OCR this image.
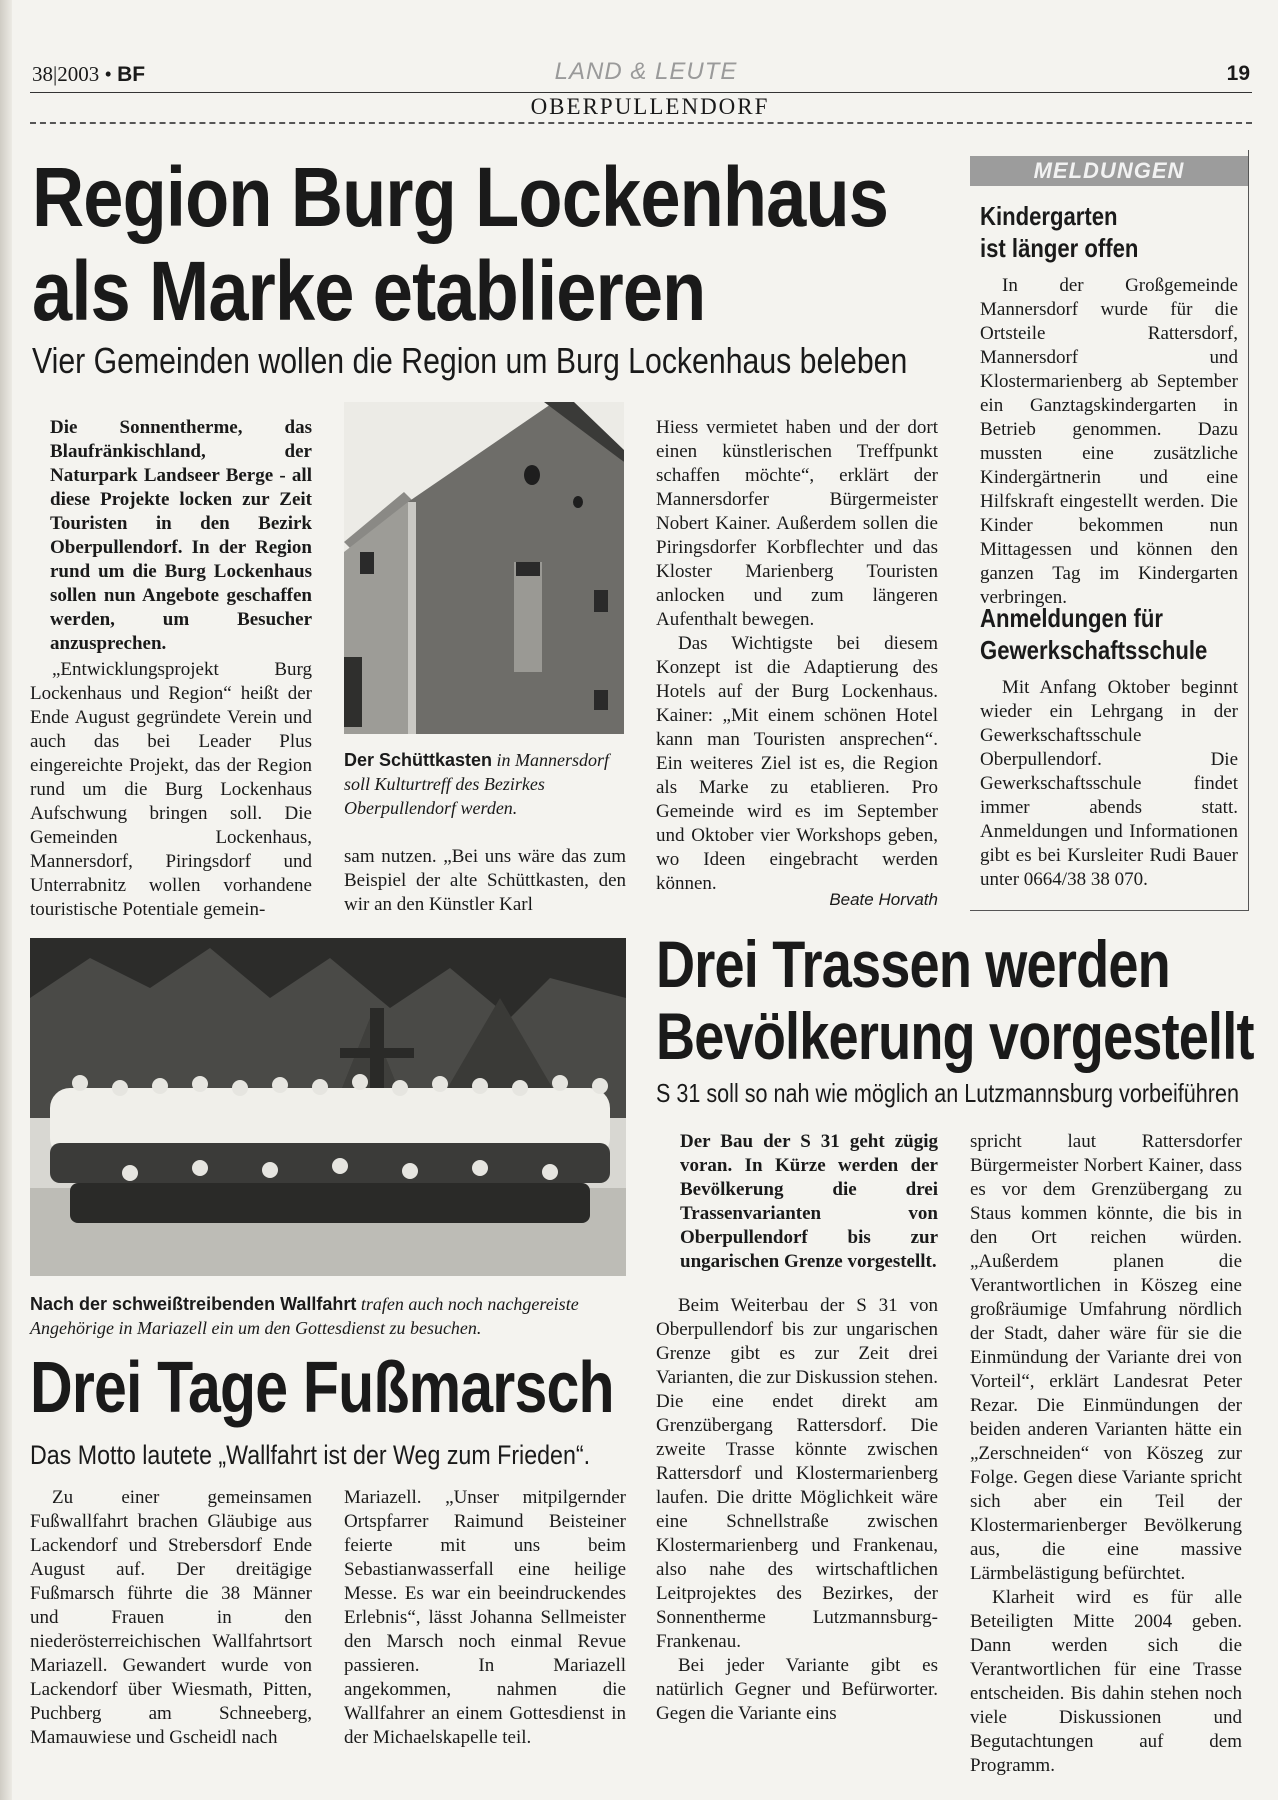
38|2003 • BF	LAND & LEUTE	19
OBERPULLENDORF
Region Burg Lockenhaus
als Marke etablieren
Vier Gemeinden wollen die Region um Burg Lockenhaus beleben

Die Sonnentherme, das Blaufränkischland, der Naturpark Landseer Berge - all diese Projekte locken zur Zeit Touristen in den Bezirk Oberpullendorf. In der Region rund um die Burg Lockenhaus sollen nun Angebote geschaffen werden, um Besucher anzusprechen.

„Entwicklungsprojekt Burg Lockenhaus und Region“ heißt der Ende August gegründete Verein und auch das bei Leader Plus eingereichte Projekt, das der Region rund um die Burg Lockenhaus Aufschwung bringen soll. Die Gemeinden Lockenhaus, Mannersdorf, Piringsdorf und Unterrabnitz wollen vorhandene touristische Potentiale gemein-

Der Schüttkasten in Mannersdorf soll Kulturtreff des Bezirkes Oberpullendorf werden.

sam nutzen. „Bei uns wäre das zum Beispiel der alte Schüttkasten, den wir an den Künstler Karl

Hiess vermietet haben und der dort einen künstlerischen Treffpunkt schaffen möchte“, erklärt der Mannersdorfer Bürgermeister Nobert Kainer. Außerdem sollen die Piringsdorfer Korbflechter und das Kloster Marienberg Touristen anlocken und zum längeren Aufenthalt bewegen.

Das Wichtigste bei diesem Konzept ist die Adaptierung des Hotels auf der Burg Lockenhaus. Kainer: „Mit einem schönen Hotel kann man Touristen ansprechen“. Ein weiteres Ziel ist es, die Region als Marke zu etablieren. Pro Gemeinde wird es im September und Oktober vier Workshops geben, wo Ideen eingebracht werden können.

Beate Horvath
MELDUNGEN
Kindergarten
ist länger offen

In der Großgemeinde Mannersdorf wurde für die Ortsteile Rattersdorf, Mannersdorf und Klostermarienberg ab September ein Ganztagskindergarten in Betrieb genommen. Dazu mussten eine zusätzliche Kindergärtnerin und eine Hilfskraft eingestellt werden. Die Kinder bekommen nun Mittagessen und können den ganzen Tag im Kindergarten verbringen.

Anmeldungen für
Gewerkschaftsschule

Mit Anfang Oktober beginnt wieder ein Lehrgang in der Gewerkschaftsschule Oberpullendorf. Die Gewerkschaftsschule findet immer abends statt. Anmeldungen und Informationen gibt es bei Kursleiter Rudi Bauer unter 0664/38 38 070.

Nach der schweißtreibenden Wallfahrt trafen auch noch nachgereiste Angehörige in Mariazell ein um den Gottesdienst zu besuchen.
Drei Tage Fußmarsch
Das Motto lautete „Wallfahrt ist der Weg zum Frieden“.

Zu einer gemeinsamen Fußwallfahrt brachen Gläubige aus Lackendorf und Strebersdorf Ende August auf. Der dreitägige Fußmarsch führte die 38 Männer und Frauen in den niederösterreichischen Wallfahrtsort Mariazell. Gewandert wurde von Lackendorf über Wiesmath, Pitten, Puchberg am Schneeberg, Mamauwiese und Gscheidl nach

Mariazell. „Unser mitpilgernder Ortspfarrer Raimund Beisteiner feierte mit uns beim Sebastianwasserfall eine heilige Messe. Es war ein beeindruckendes Erlebnis“, lässt Johanna Sellmeister den Marsch noch einmal Revue passieren. In Mariazell angekommen, nahmen die Wallfahrer an einem Gottesdienst in der Michaelskapelle teil.

Drei Trassen werden
Bevölkerung vorgestellt
S 31 soll so nah wie möglich an Lutzmannsburg vorbeiführen

Der Bau der S 31 geht zügig voran. In Kürze werden der Bevölkerung die drei Trassenvarianten von Oberpullendorf bis zur ungarischen Grenze vorgestellt.

Beim Weiterbau der S 31 von Oberpullendorf bis zur ungarischen Grenze gibt es zur Zeit drei Varianten, die zur Diskussion stehen. Die eine endet direkt am Grenzübergang Rattersdorf. Die zweite Trasse könnte zwischen Rattersdorf und Klostermarienberg laufen. Die dritte Möglichkeit wäre eine Schnellstraße zwischen Klostermarienberg und Frankenau, also nahe des wirtschaftlichen Leitprojektes des Bezirkes, der Sonnentherme Lutzmannsburg-Frankenau.

Bei jeder Variante gibt es natürlich Gegner und Befürworter. Gegen die Variante eins

spricht laut Rattersdorfer Bürgermeister Norbert Kainer, dass es vor dem Grenzübergang zu Staus kommen könnte, die bis in den Ort reichen würden. „Außerdem planen die Verantwortlichen in Köszeg eine großräumige Umfahrung nördlich der Stadt, daher wäre für sie die Einmündung der Variante drei von Vorteil“, erklärt Landesrat Peter Rezar. Die Einmündungen der beiden anderen Varianten hätte ein „Zerschneiden“ von Köszeg zur Folge. Gegen diese Variante spricht sich aber ein Teil der Klostermarienberger Bevölkerung aus, die eine massive Lärmbelästigung befürchtet.

Klarheit wird es für alle Beteiligten Mitte 2004 geben. Dann werden sich die Verantwortlichen für eine Trasse entscheiden. Bis dahin stehen noch viele Diskussionen und Begutachtungen auf dem Programm.
